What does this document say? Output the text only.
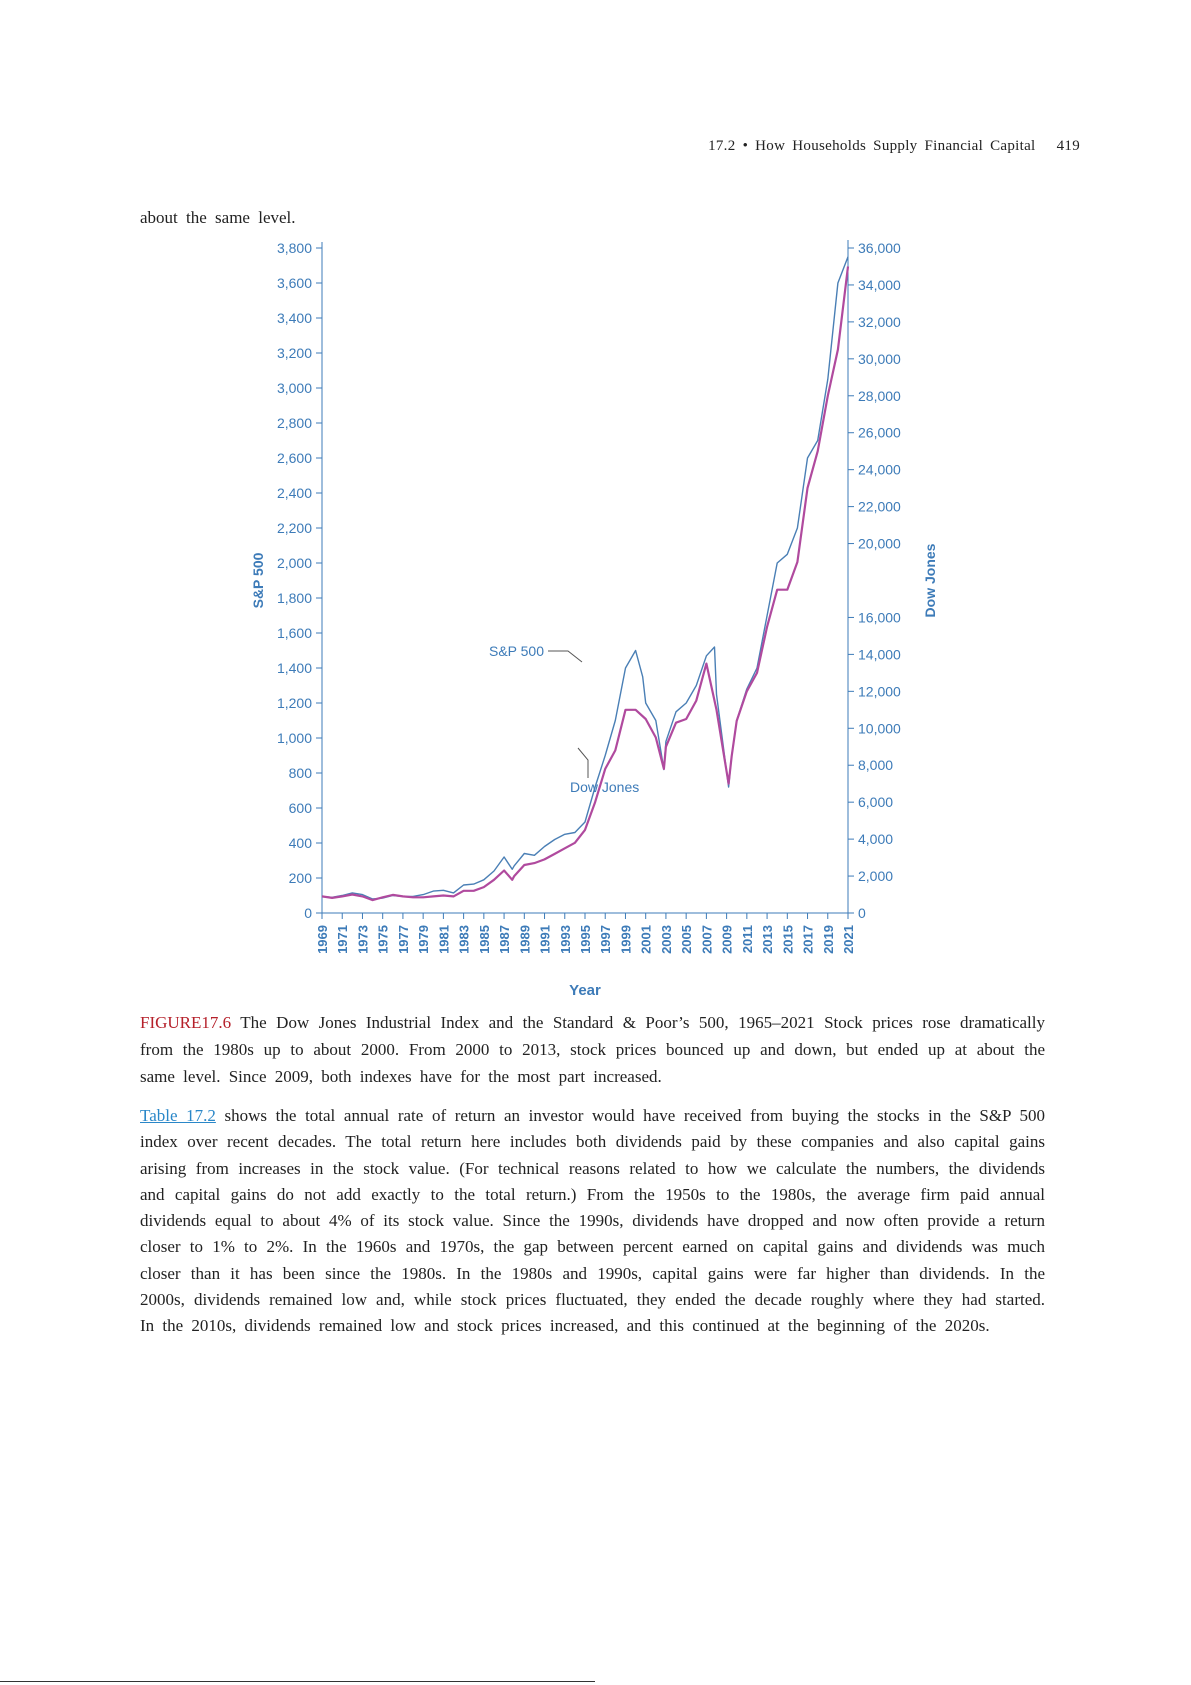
17.2 • How Households Supply Financial Capital 419
about the same level.
0
200
400
600
800
1,000
1,200
1,400
1,600
1,800
2,000
2,200
2,400
2,600
2,800
3,000
3,200
3,400
3,600
3,800
0
2,000
4,000
6,000
8,000
10,000
12,000
14,000
16,000
20,000
22,000
24,000
26,000
28,000
30,000
32,000
34,000
36,000
1969 1971 1973 1975 1977 1979 1981 1983 1985 1987 1989 1991 1993 1995 1997 1999 2001 2003 2005 2007 2009 2011 2013 2015 2017 2019 2021
S&P 500	Dow Jones
Year
S&P 500
Dow Jones
FIGURE17.6 The Dow Jones Industrial Index and the Standard & Poor’s 500, 1965–2021 Stock prices rose dramatically from the 1980s up to about 2000. From 2000 to 2013, stock prices bounced up and down, but ended up at about the same level. Since 2009, both indexes have for the most part increased.
Table 17.2 shows the total annual rate of return an investor would have received from buying the stocks in the S&P 500 index over recent decades. The total return here includes both dividends paid by these companies and also capital gains arising from increases in the stock value. (For technical reasons related to how we calculate the numbers, the dividends and capital gains do not add exactly to the total return.) From the 1950s to the 1980s, the average firm paid annual dividends equal to about 4% of its stock value. Since the 1990s, dividends have dropped and now often provide a return closer to 1% to 2%. In the 1960s and 1970s, the gap between percent earned on capital gains and dividends was much closer than it has been since the 1980s. In the 1980s and 1990s, capital gains were far higher than dividends. In the 2000s, dividends remained low and, while stock prices fluctuated, they ended the decade roughly where they had started. In the 2010s, dividends remained low and stock prices increased, and this continued at the beginning of the 2020s.
